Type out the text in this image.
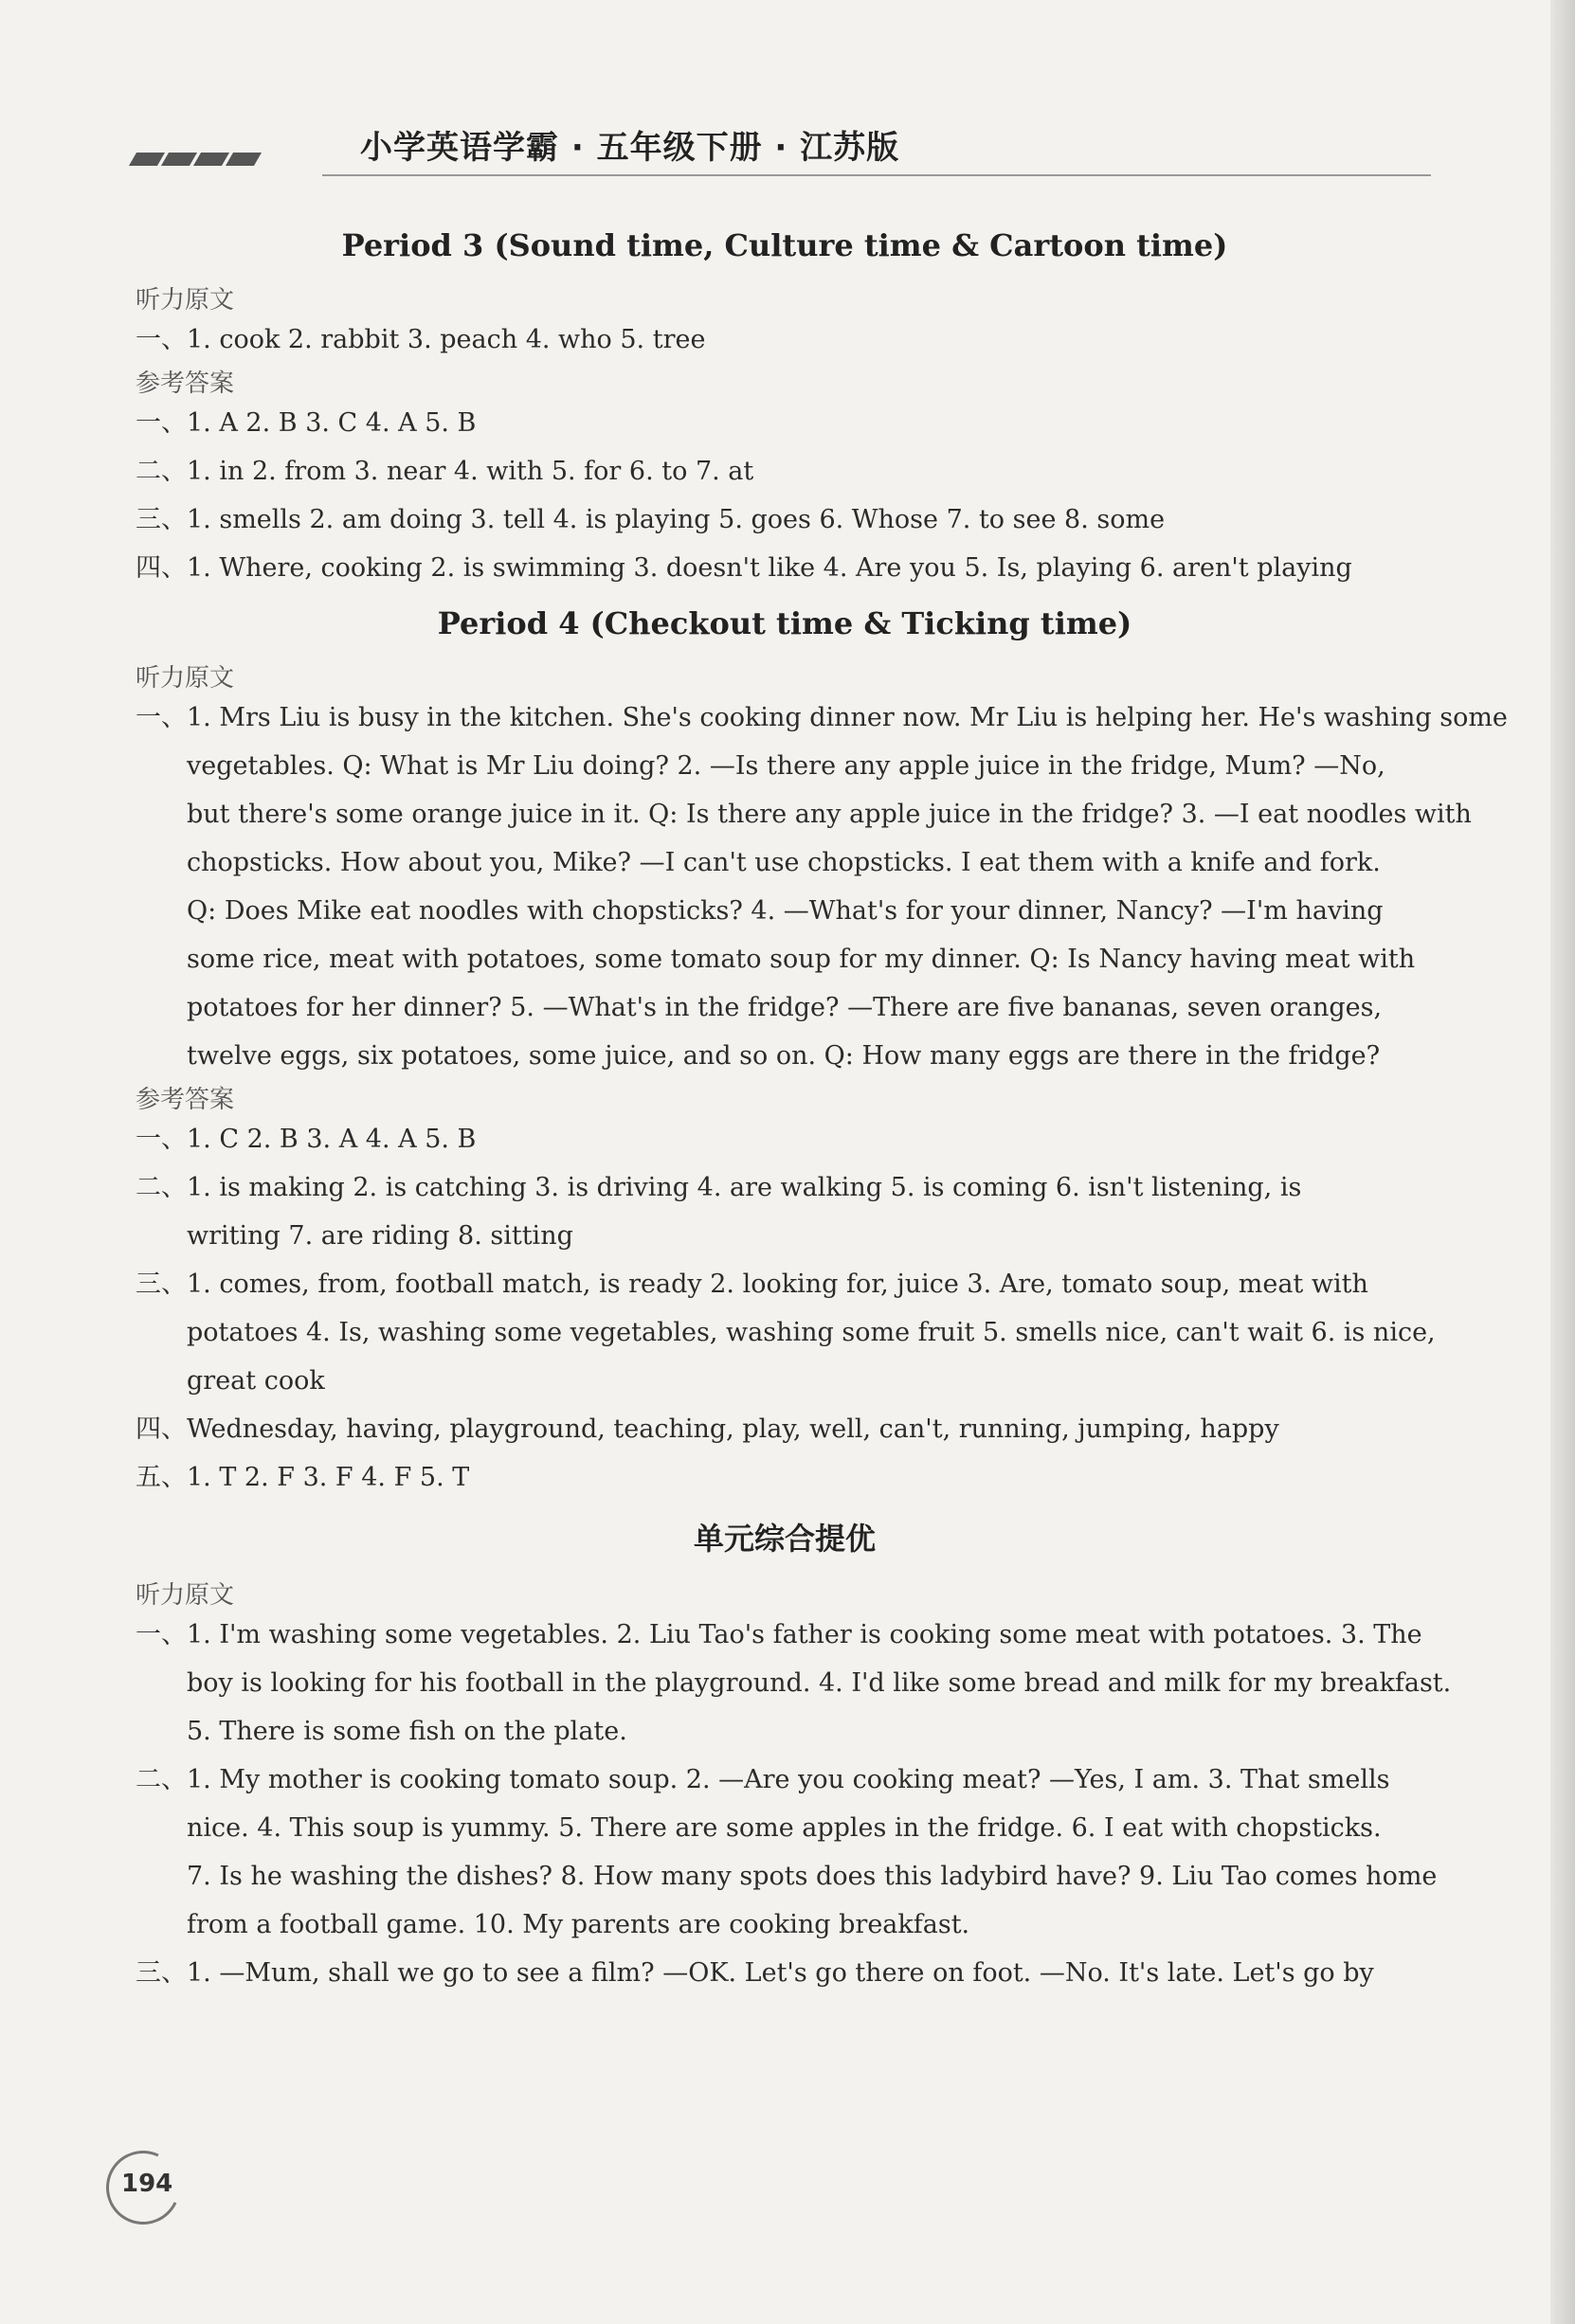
小学英语学霸 · 五年级下册 · 江苏版

Period 3 (Sound time, Culture time & Cartoon time)

听力原文

一、1. cook 2. rabbit 3. peach 4. who 5. tree

参考答案

一、1. A 2. B 3. C 4. A 5. B

二、1. in 2. from 3. near 4. with 5. for 6. to 7. at

三、1. smells 2. am doing 3. tell 4. is playing 5. goes 6. Whose 7. to see 8. some

四、1. Where, cooking 2. is swimming 3. doesn't like 4. Are you 5. Is, playing 6. aren't playing

Period 4 (Checkout time & Ticking time)

听力原文

一、1. Mrs Liu is busy in the kitchen. She's cooking dinner now. Mr Liu is helping her. He's washing some

vegetables. Q: What is Mr Liu doing? 2. —Is there any apple juice in the fridge, Mum? —No,

but there's some orange juice in it. Q: Is there any apple juice in the fridge? 3. —I eat noodles with

chopsticks. How about you, Mike? —I can't use chopsticks. I eat them with a knife and fork.

Q: Does Mike eat noodles with chopsticks? 4. —What's for your dinner, Nancy? —I'm having

some rice, meat with potatoes, some tomato soup for my dinner. Q: Is Nancy having meat with

potatoes for her dinner? 5. —What's in the fridge? —There are five bananas, seven oranges,

twelve eggs, six potatoes, some juice, and so on. Q: How many eggs are there in the fridge?

参考答案

一、1. C 2. B 3. A 4. A 5. B

二、1. is making 2. is catching 3. is driving 4. are walking 5. is coming 6. isn't listening, is

writing 7. are riding 8. sitting

三、1. comes, from, football match, is ready 2. looking for, juice 3. Are, tomato soup, meat with

potatoes 4. Is, washing some vegetables, washing some fruit 5. smells nice, can't wait 6. is nice,

great cook

四、Wednesday, having, playground, teaching, play, well, can't, running, jumping, happy

五、1. T 2. F 3. F 4. F 5. T

单元综合提优

听力原文

一、1. I'm washing some vegetables. 2. Liu Tao's father is cooking some meat with potatoes. 3. The

boy is looking for his football in the playground. 4. I'd like some bread and milk for my breakfast.

5. There is some fish on the plate.

二、1. My mother is cooking tomato soup. 2. —Are you cooking meat? —Yes, I am. 3. That smells

nice. 4. This soup is yummy. 5. There are some apples in the fridge. 6. I eat with chopsticks.

7. Is he washing the dishes? 8. How many spots does this ladybird have? 9. Liu Tao comes home

from a football game. 10. My parents are cooking breakfast.

三、1. —Mum, shall we go to see a film? —OK. Let's go there on foot. —No. It's late. Let's go by

194
